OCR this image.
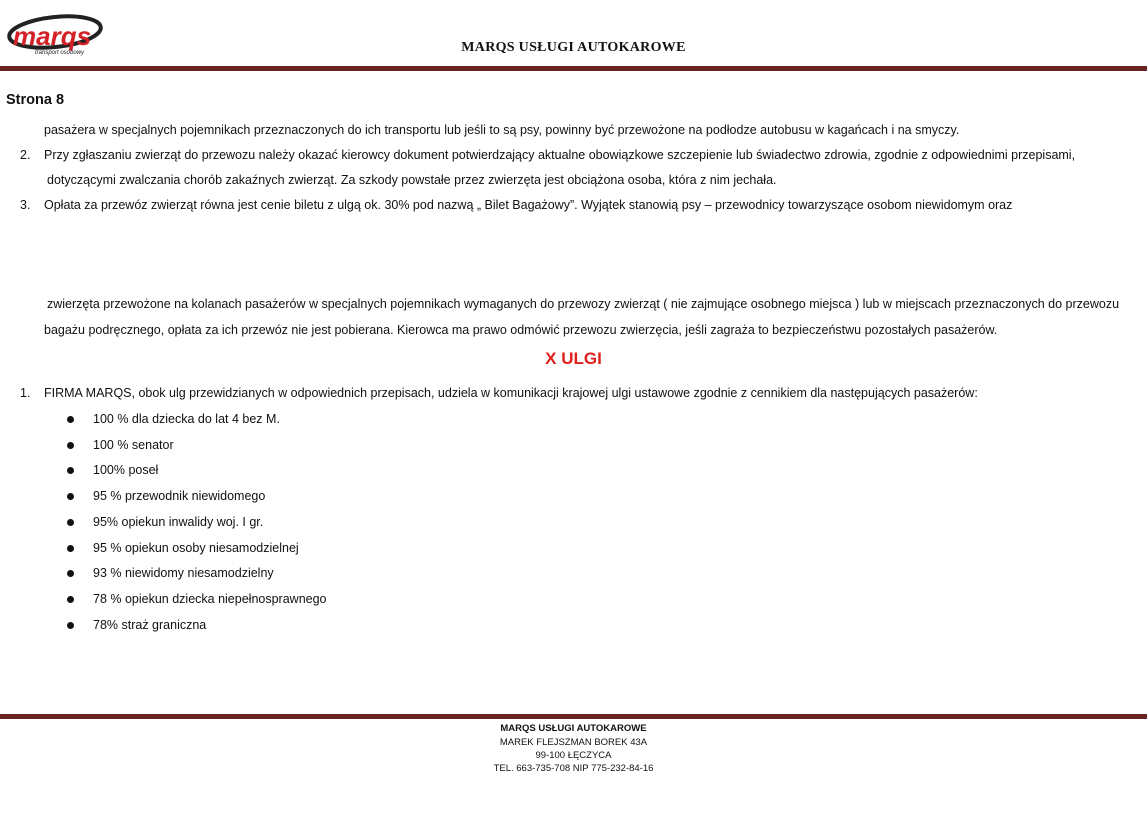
marqs
transport osobowy	MARQS USŁUGI AUTOKAROWE
Strona 8
pasażera w specjalnych pojemnikach przeznaczonych do ich transportu lub jeśli to są psy, powinny być przewożone na podłodze autobusu w kagańcach i na smyczy.
2. Przy zgłaszaniu zwierząt do przewozu należy okazać kierowcy dokument potwierdzający aktualne obowiązkowe szczepienie lub świadectwo zdrowia, zgodnie z odpowiednimi przepisami,
dotyczącymi zwalczania chorób zakaźnych zwierząt. Za szkody powstałe przez zwierzęta jest obciążona osoba, która z nim jechała.
3. Opłata za przewóz zwierząt równa jest cenie biletu z ulgą ok. 30% pod nazwą „ Bilet Bagażowy”. Wyjątek stanowią psy – przewodnicy towarzyszące osobom niewidomym oraz
zwierzęta przewożone na kolanach pasażerów w specjalnych pojemnikach wymaganych do przewozy zwierząt ( nie zajmujące osobnego miejsca ) lub w miejscach przeznaczonych do przewozu
bagażu podręcznego, opłata za ich przewóz nie jest pobierana. Kierowca ma prawo odmówić przewozu zwierzęcia, jeśli zagraża to bezpieczeństwu pozostałych pasażerów.
X ULGI
1. FIRMA MARQS, obok ulg przewidzianych w odpowiednich przepisach, udziela w komunikacji krajowej ulgi ustawowe zgodnie z cennikiem dla następujących pasażerów:
100 % dla dziecka do lat 4 bez M.
100 % senator
100% poseł
95 % przewodnik niewidomego
95% opiekun inwalidy woj. I gr.
95 % opiekun osoby niesamodzielnej
93 % niewidomy niesamodzielny
78 % opiekun dziecka niepełnosprawnego
78% straż graniczna
MARQS USŁUGI AUTOKAROWE
MAREK FLEJSZMAN BOREK 43A
99-100 ŁĘCZYCA
TEL. 663-735-708 NIP 775-232-84-16
